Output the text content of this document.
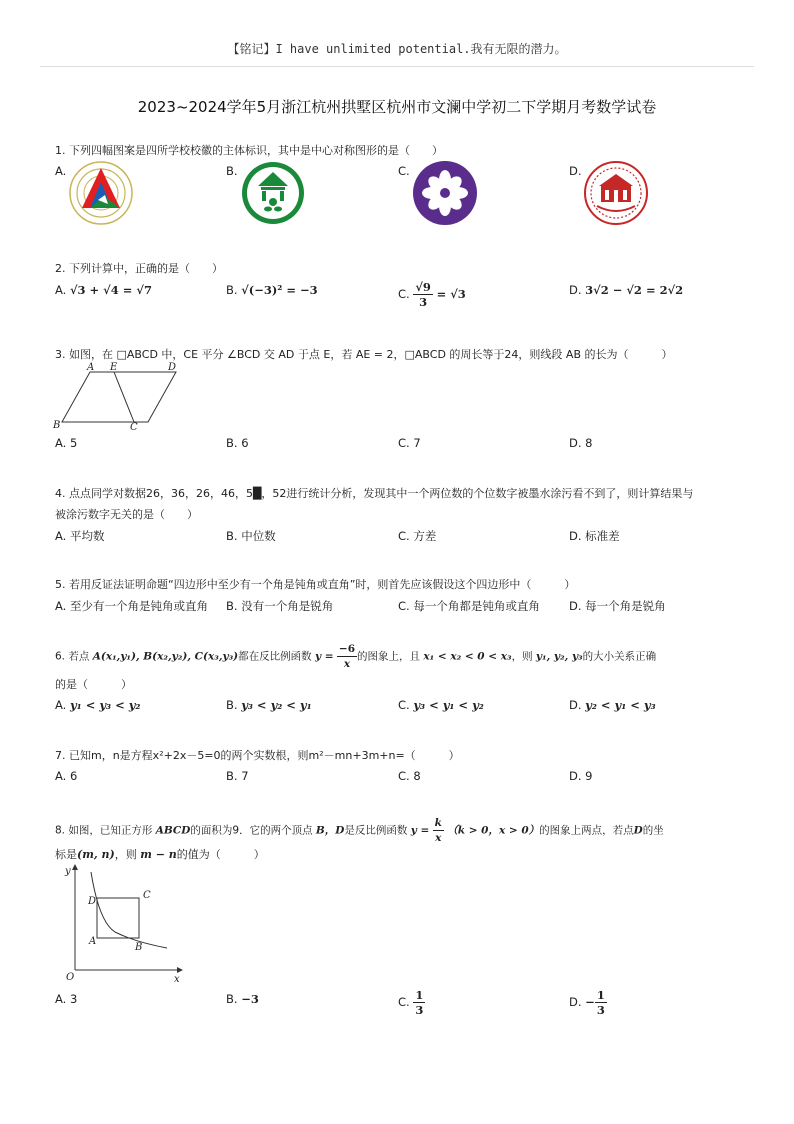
【铭记】I have unlimited potential.我有无限的潜力。
2023~2024学年5月浙江杭州拱墅区杭州市文澜中学初二下学期月考数学试卷
1. 下列四幅图案是四所学校校徽的主体标识，其中是中心对称图形的是（　　）
A.	B.	C.	D.
2. 下列计算中，正确的是（　　）
A. √3 + √4 = √7	B. √(−3)² = −3	C. $\frac{√9}{3} = √3$	D. 3√2 − √2 = 2√2
3. 如图，在 □ABCD 中，CE 平分 ∠BCD 交 AD 于点 E，若 AE = 2，□ABCD 的周长等于24，则线段 AB 的长为（　　　）
A E	D
B	C
A. 5	B. 6	C. 7	D. 8
4. 点点同学对数据26，36，26，46，5█，52进行统计分析，发现其中一个两位数的个位数字被墨水涂污看不到了，则计算结果与
被涂污数字无关的是（　　）
A. 平均数	B. 中位数	C. 方差	D. 标准差
5. 若用反证法证明命题“四边形中至少有一个角是钝角或直角”时，则首先应该假设这个四边形中（　　　）
A. 至少有一个角是钝角或直角 B. 没有一个角是锐角	C. 每一个角都是钝角或直角	D. 每一个角是锐角
6. 若点 A(x₁,y₁), B(x₂,y₂), C(x₃,y₃)都在反比例函数 $y = \frac{-6}{x}$ 的图象上，且 x₁ < x₂ < 0 < x₃，则 y₁, y₂, y₃的大小关系正确
的是（　　　）
A. y₁ < y₃ < y₂	B. y₃ < y₂ < y₁	C. y₃ < y₁ < y₂	D. y₂ < y₁ < y₃
7. 已知m，n是方程x²+2x－5=0的两个实数根，则m²－mn+3m+n=（　　　）
A. 6	B. 7	C. 8	D. 9
8. 如图，已知正方形 ABCD的面积为9．它的两个顶点 B，D是反比例函数 $y = \frac{k}{x} (k > 0$，x > 0）的图象上两点，若点D的坐
标是(m, n)，则 m − n的值为（　　　）
y
x
O
D
C
A
B
A. 3	B. −3	C. $\frac{1}{3}$	D. − $\frac{1}{3}$
